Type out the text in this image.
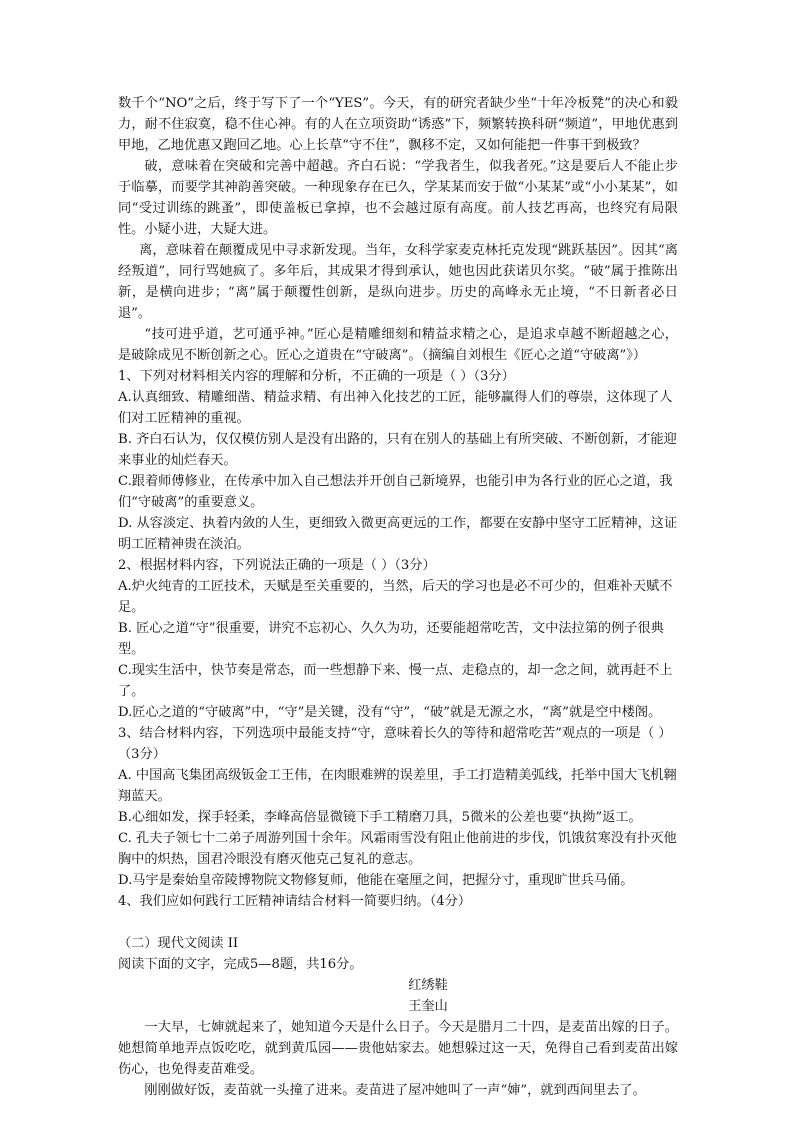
数千个“NO”之后，终于写下了一个“YES”。今天，有的研究者缺少坐“十年冷板凳”的决心和毅力，耐不住寂寞，稳不住心神。有的人在立项资助“诱惑”下，频繁转换科研“频道”，甲地优惠到甲地，乙地优惠又跑回乙地。心上长草“守不住”，飘移不定，又如何能把一件事干到极致？

破，意味着在突破和完善中超越。齐白石说：“学我者生，似我者死。”这是要后人不能止步于临摹，而要学其神韵善突破。一种现象存在已久，学某某而安于做“小某某”或“小小某某”，如同“受过训练的跳蚤”，即使盖板已拿掉，也不会越过原有高度。前人技艺再高，也终究有局限性。小疑小进，大疑大进。

离，意味着在颠覆成见中寻求新发现。当年，女科学家麦克林托克发现“跳跃基因”。因其“离经叛道”，同行骂她疯了。多年后，其成果才得到承认，她也因此获诺贝尔奖。“破”属于推陈出新，是横向进步；“离”属于颠覆性创新，是纵向进步。历史的高峰永无止境，“不日新者必日退”。

“技可进乎道，艺可通乎神。”匠心是精雕细刻和精益求精之心，是追求卓越不断超越之心，是破除成见不断创新之心。匠心之道贵在“守破离”。（摘编自刘根生《匠心之道“守破离”》）

1、下列对材料相关内容的理解和分析，不正确的一项是（ ）（3分）

A.认真细致、精雕细凿、精益求精、有出神入化技艺的工匠，能够赢得人们的尊崇，这体现了人们对工匠精神的重视。

B. 齐白石认为，仅仅模仿别人是没有出路的，只有在别人的基础上有所突破、不断创新，才能迎来事业的灿烂春天。

C.跟着师傅修业，在传承中加入自己想法并开创自己新境界，也能引申为各行业的匠心之道，我们“守破离”的重要意义。

D. 从容淡定、执着内敛的人生，更细致入微更高更远的工作，都要在安静中坚守工匠精神，这证明工匠精神贵在淡泊。

2、根据材料内容，下列说法正确的一项是（ ）（3分）

A.炉火纯青的工匠技术，天赋是至关重要的，当然，后天的学习也是必不可少的，但难补天赋不足。

B. 匠心之道“守”很重要，讲究不忘初心、久久为功，还要能超常吃苦，文中法拉第的例子很典型。

C.现实生活中，快节奏是常态，而一些想静下来、慢一点、走稳点的，却一念之间，就再赶不上了。

D.匠心之道的“守破离”中，“守”是关键，没有“守”，“破”就是无源之水，“离”就是空中楼阁。

3、结合材料内容，下列选项中最能支持“守，意味着长久的等待和超常吃苦”观点的一项是（ ）（3分）

A. 中国高飞集团高级钣金工王伟，在肉眼难辨的误差里，手工打造精美弧线，托举中国大飞机翱翔蓝天。

B.心细如发，探手轻柔，李峰高倍显微镜下手工精磨刀具，5微米的公差也要“执拗”返工。

C. 孔夫子领七十二弟子周游列国十余年。风霜雨雪没有阻止他前进的步伐，饥饿贫寒没有扑灭他胸中的炽热，国君冷眼没有磨灭他克己复礼的意志。

D.马宇是秦始皇帝陵博物院文物修复师，他能在毫厘之间，把握分寸，重现旷世兵马俑。

4、我们应如何践行工匠精神请结合材料一简要归纳。（4分）

（二）现代文阅读 II

阅读下面的文字，完成5—8题，共16分。

红绣鞋

王奎山

一大早，七婶就起来了，她知道今天是什么日子。今天是腊月二十四，是麦苗出嫁的日子。她想简单地弄点饭吃吃，就到黄瓜园——贵他姑家去。她想躲过这一天，免得自己看到麦苗出嫁伤心，也免得麦苗难受。

刚刚做好饭，麦苗就一头撞了进来。麦苗进了屋冲她叫了一声“婶”，就到西间里去了。
